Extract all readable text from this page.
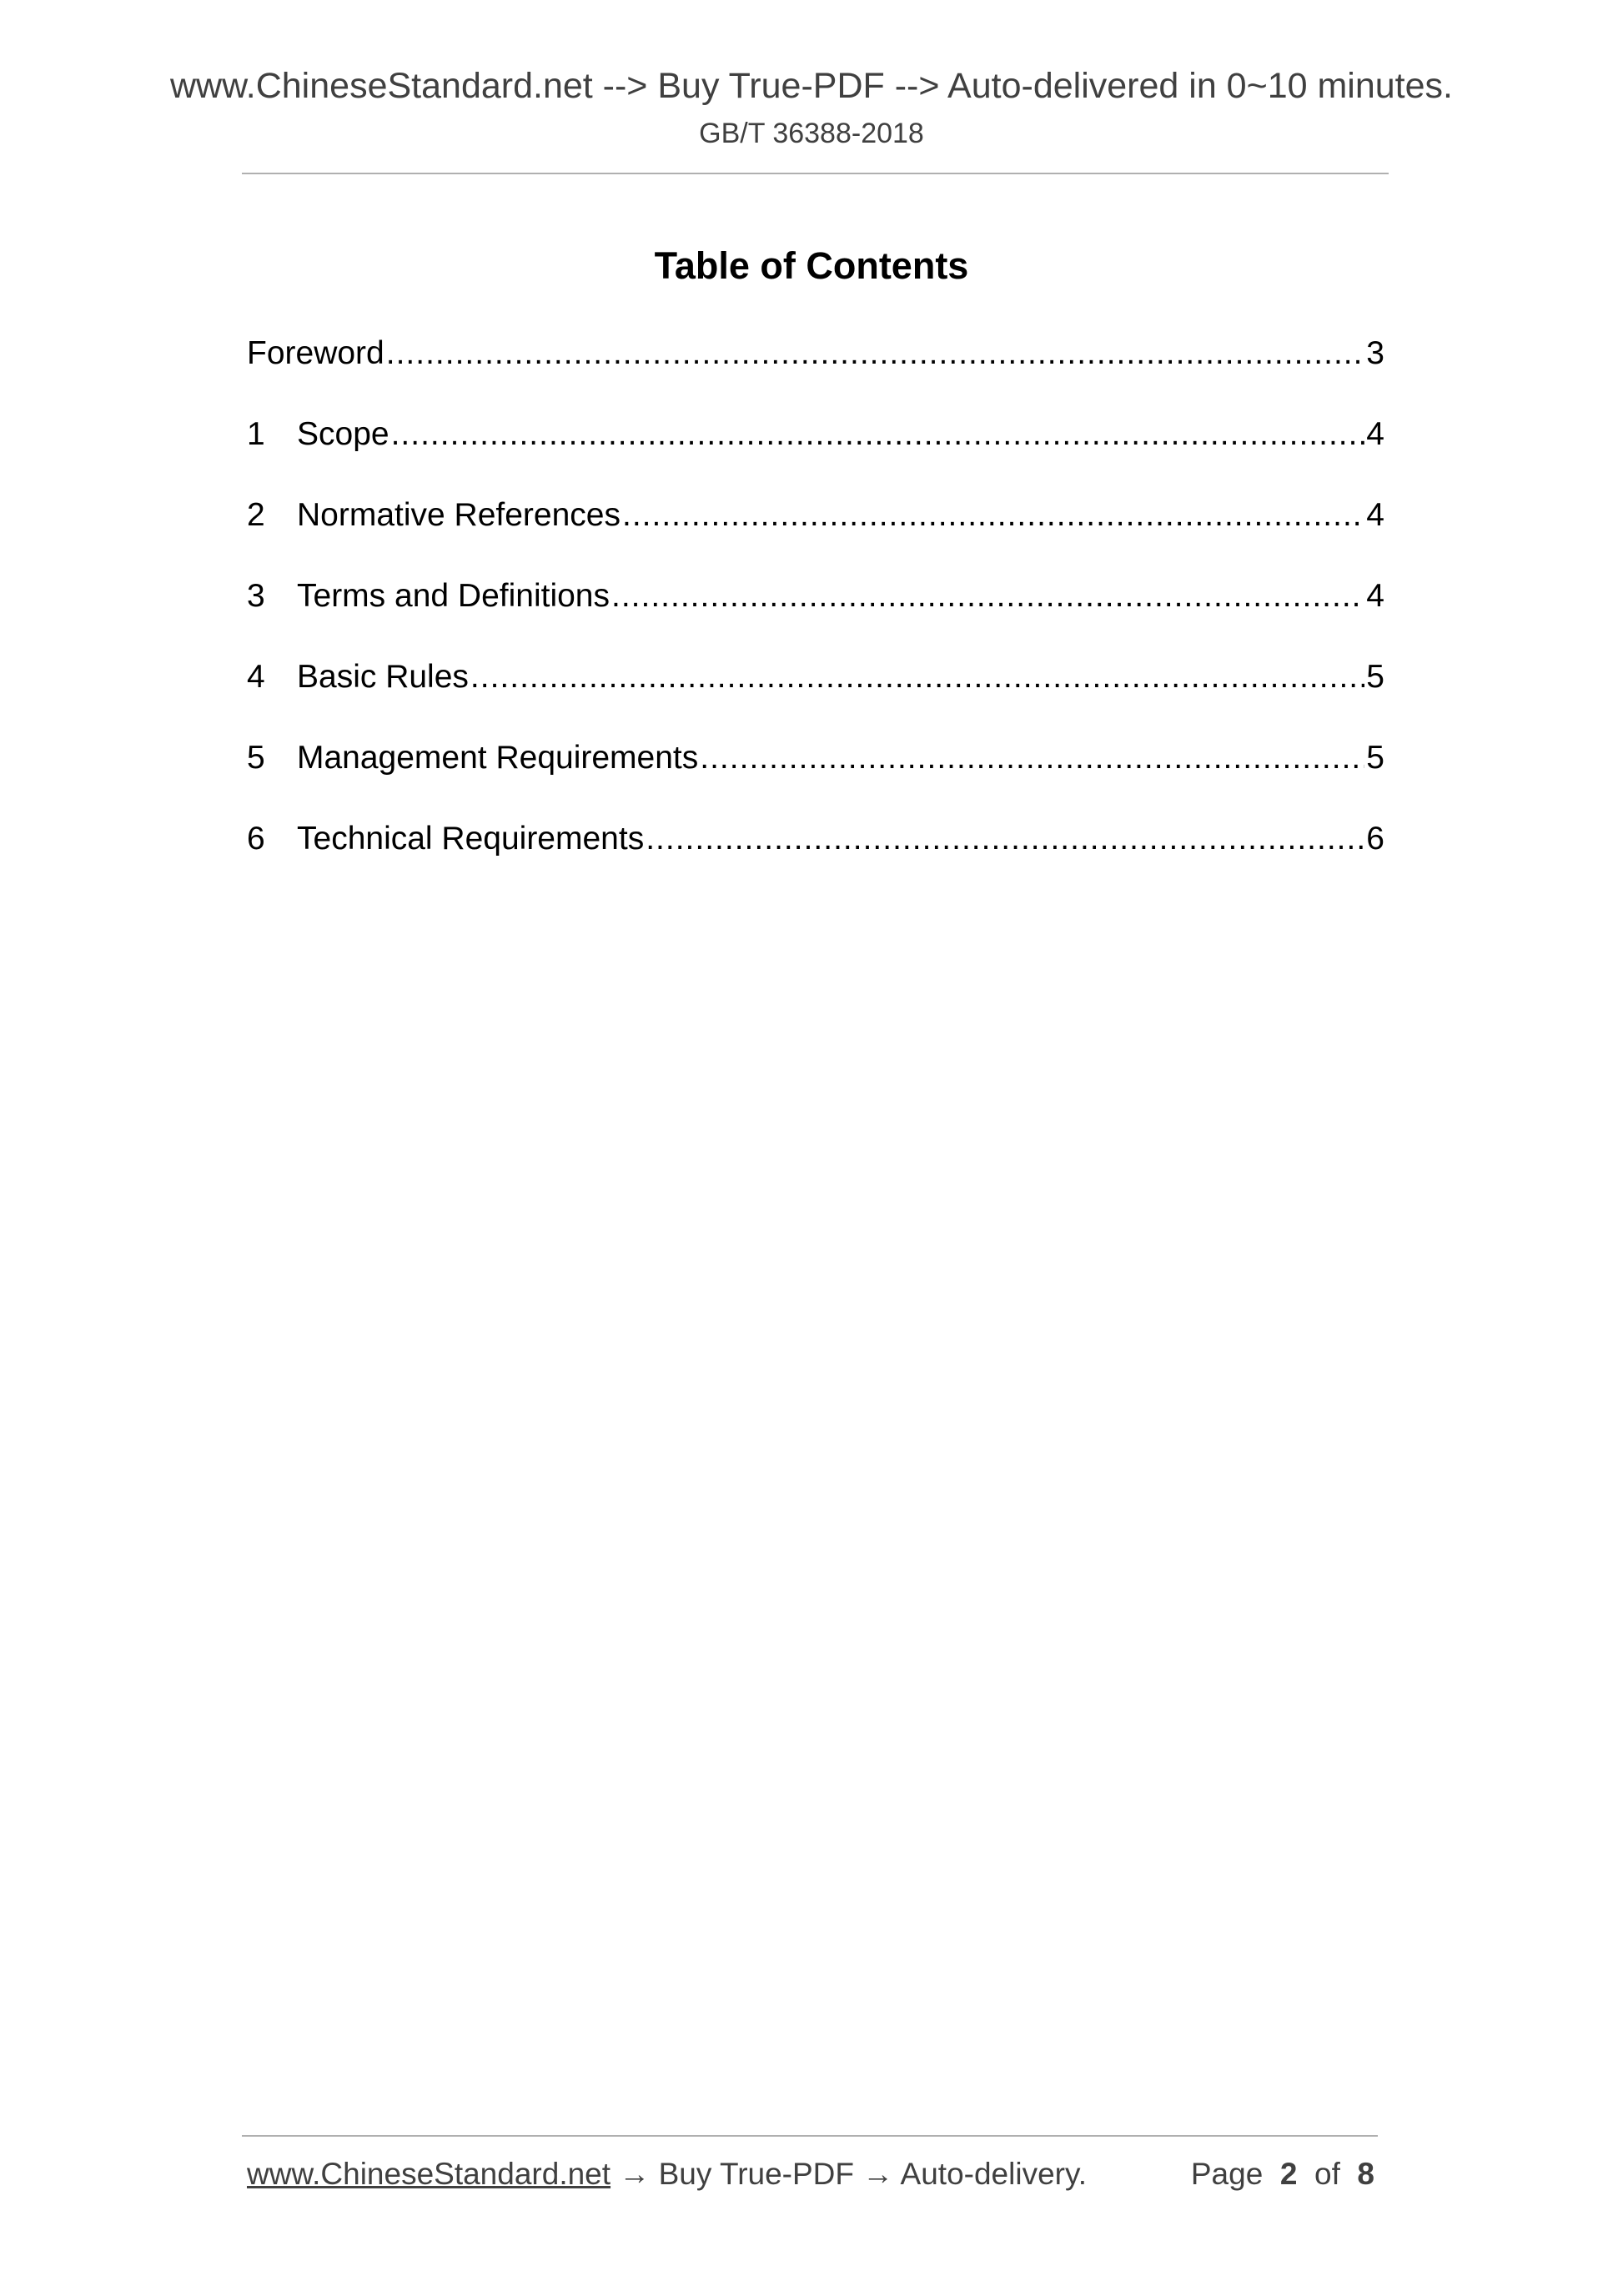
www.ChineseStandard.net --> Buy True-PDF --> Auto-delivered in 0~10 minutes.
GB/T 36388-2018
Table of Contents
Foreword .....	3
1 Scope .....	4
2 Normative References .....	4
3 Terms and Definitions .....	4
4 Basic Rules .....	5
5 Management Requirements .....	5
6 Technical Requirements .....	6
www.ChineseStandard.net → Buy True-PDF → Auto-delivery.	Page 2 of 8
